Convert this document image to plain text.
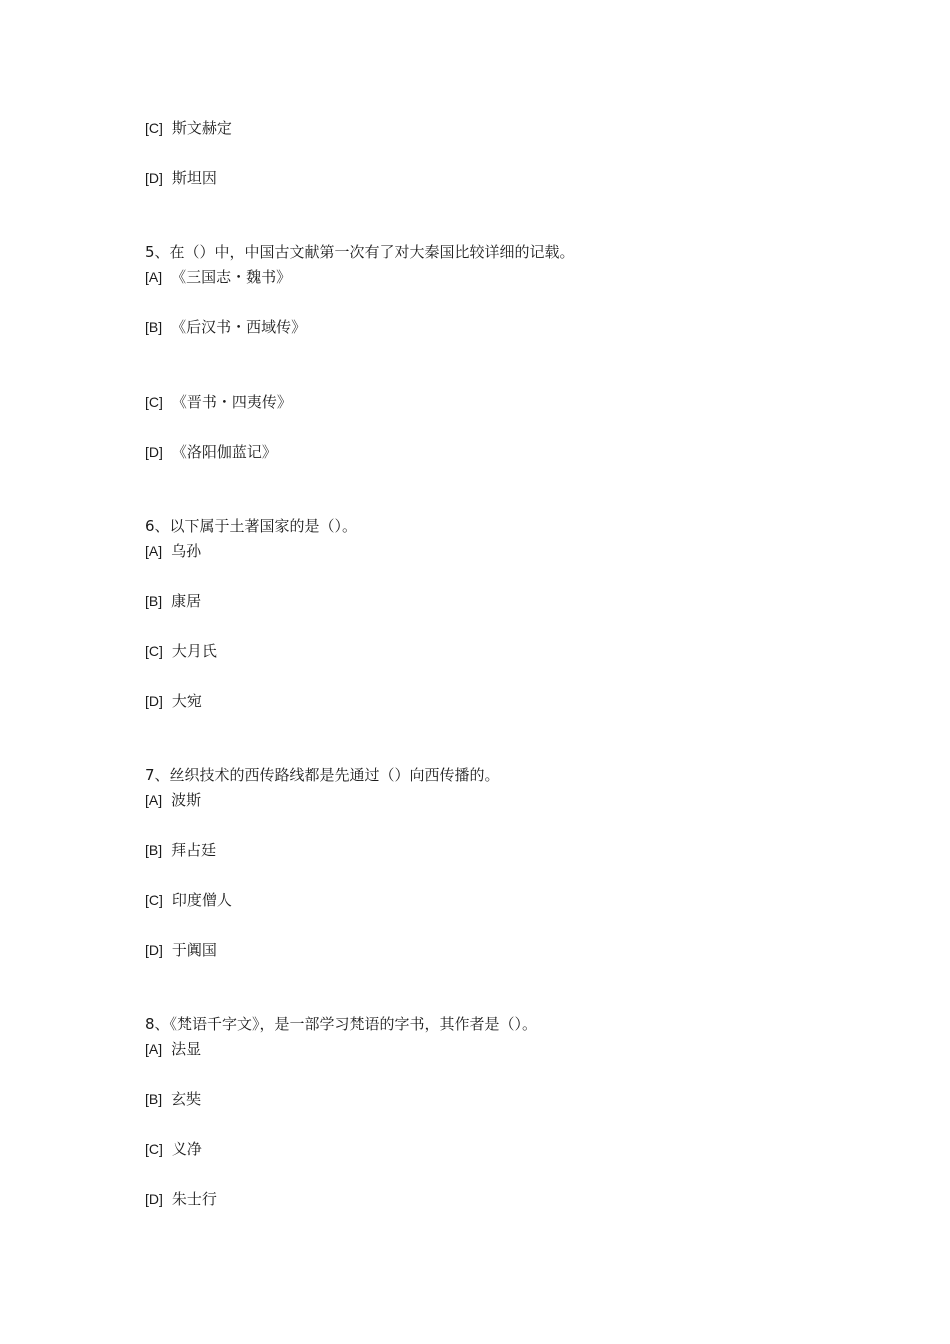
[C] 斯文赫定
[D] 斯坦因
5、在（）中，中国古文献第一次有了对大秦国比较详细的记载。
[A] 《三国志・魏书》
[B] 《后汉书・西域传》
[C] 《晋书・四夷传》
[D] 《洛阳伽蓝记》
6、以下属于土著国家的是（）。
[A] 乌孙
[B] 康居
[C] 大月氏
[D] 大宛
7、丝织技术的西传路线都是先通过（）向西传播的。
[A] 波斯
[B] 拜占廷
[C] 印度僧人
[D] 于阗国
8、《梵语千字文》，是一部学习梵语的字书，其作者是（）。
[A] 法显
[B] 玄奘
[C] 义净
[D] 朱士行
